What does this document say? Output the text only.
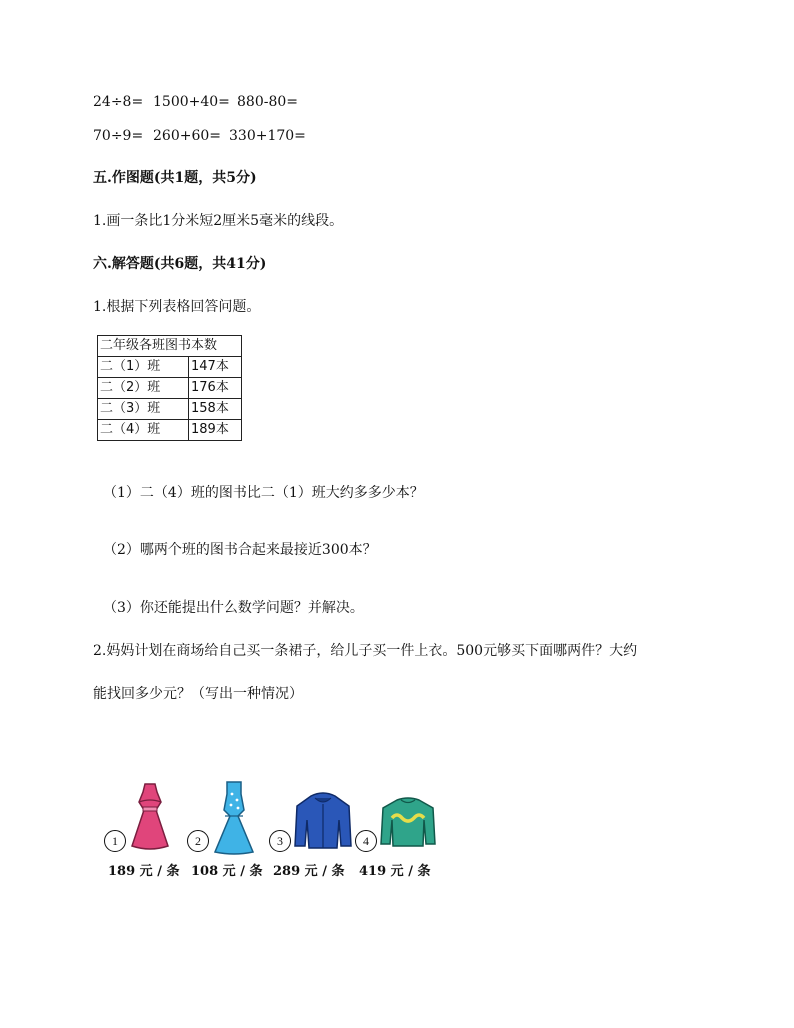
24÷8= 1500+40= 880-80=
70÷9= 260+60= 330+170=
五.作图题(共1题，共5分)
1.画一条比1分米短2厘米5毫米的线段。
六.解答题(共6题，共41分)
1.根据下列表格回答问题。
二年级各班图书本数	
二（1）班	147本
二（2）班	176本
二（3）班	158本
二（4）班	189本
（1）二（4）班的图书比二（1）班大约多多少本？
（2）哪两个班的图书合起来最接近300本？
（3）你还能提出什么数学问题？并解决。
2.妈妈计划在商场给自己买一条裙子，给儿子买一件上衣。500元够买下面哪两件？大约
能找回多少元？（写出一种情况）
1
189 元 / 条
2
108 元 / 条
3
289 元 / 条
4
419 元 / 条
